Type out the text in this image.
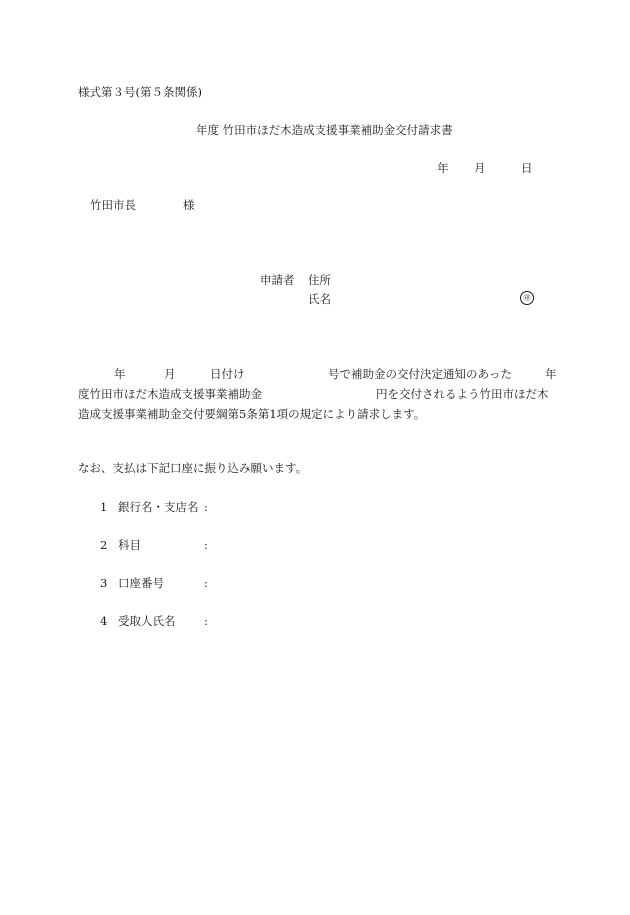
様式第３号(第５条関係)
年度 竹田市ほだ木造成支援事業補助金交付請求書
年 月	日
竹田市長	様
申請者 住所
氏名	㊞
年	月	日付け	号で補助金の交付決定通知のあった	年
度竹田市ほだ木造成支援事業補助金	円を交付されるよう竹田市ほだ木
造成支援事業補助金交付要綱第5条第1項の規定により請求します。
なお、支払は下記口座に振り込み願います。
1 銀行名・支店名 :
2 科目	:
3 口座番号	:
4 受取人氏名 :
